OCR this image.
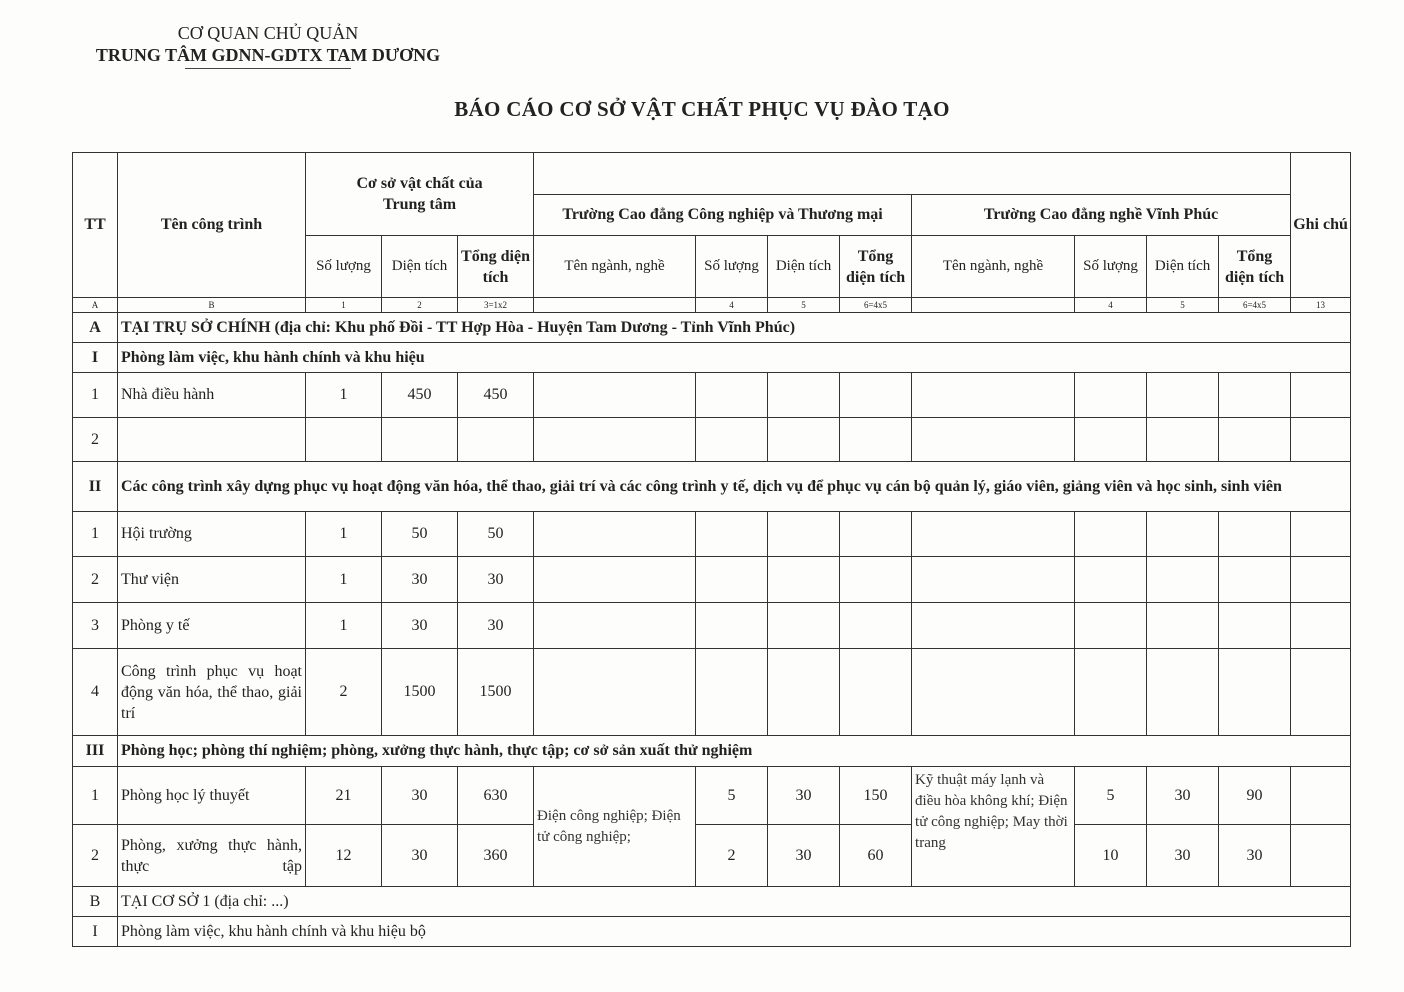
CƠ QUAN CHỦ QUẢN
TRUNG TÂM GDNN-GDTX TAM DƯƠNG
BÁO CÁO CƠ SỞ VẬT CHẤT PHỤC VỤ ĐÀO TẠO
TT	Tên công trình	Cơ sở vật chất của Trung tâm											Ghi chú
					Trường Cao đẳng Công nghiệp và Thương mại				Trường Cao đẳng nghề Vĩnh Phúc				
		Số lượng	Diện tích	Tổng diện tích	Tên ngành, nghề	Số lượng	Diện tích	Tổng diện tích	Tên ngành, nghề	Số lượng	Diện tích	Tổng diện tích	
A	B	1	2	3=1x2		4	5	6=4x5		4	5	6=4x5	13
A	TẠI TRỤ SỞ CHÍNH (địa chỉ: Khu phố Đồi - TT Hợp Hòa - Huyện Tam Dương - Tỉnh Vĩnh Phúc)												
I	Phòng làm việc, khu hành chính và khu hiệu												
1	Nhà điều hành	1	450	450									
2													
II	Các công trình xây dựng phục vụ hoạt động văn hóa, thể thao, giải trí và các công trình y tế, dịch vụ để phục vụ cán bộ quản lý, giáo viên, giảng viên và học sinh, sinh viên												
1	Hội trường	1	50	50									
2	Thư viện	1	30	30									
3	Phòng y tế	1	30	30									
4	Công trình phục vụ hoạt động văn hóa, thể thao, giải trí	2	1500	1500									
III	Phòng học; phòng thí nghiệm; phòng, xưởng thực hành, thực tập; cơ sở sản xuất thử nghiệm												
1	Phòng học lý thuyết	21	30	630	Điện công nghiệp; Điện tử công nghiệp;	5	30	150	Kỹ thuật máy lạnh và điều hòa không khí; Điện tử công nghiệp; May thời trang	5	30	90	
2	Phòng, xưởng thực hành, thực tập	12	30	360		2	30	60		10	30	30	
B	TẠI CƠ SỞ 1 (địa chỉ: ...)												
I	Phòng làm việc, khu hành chính và khu hiệu bộ												
